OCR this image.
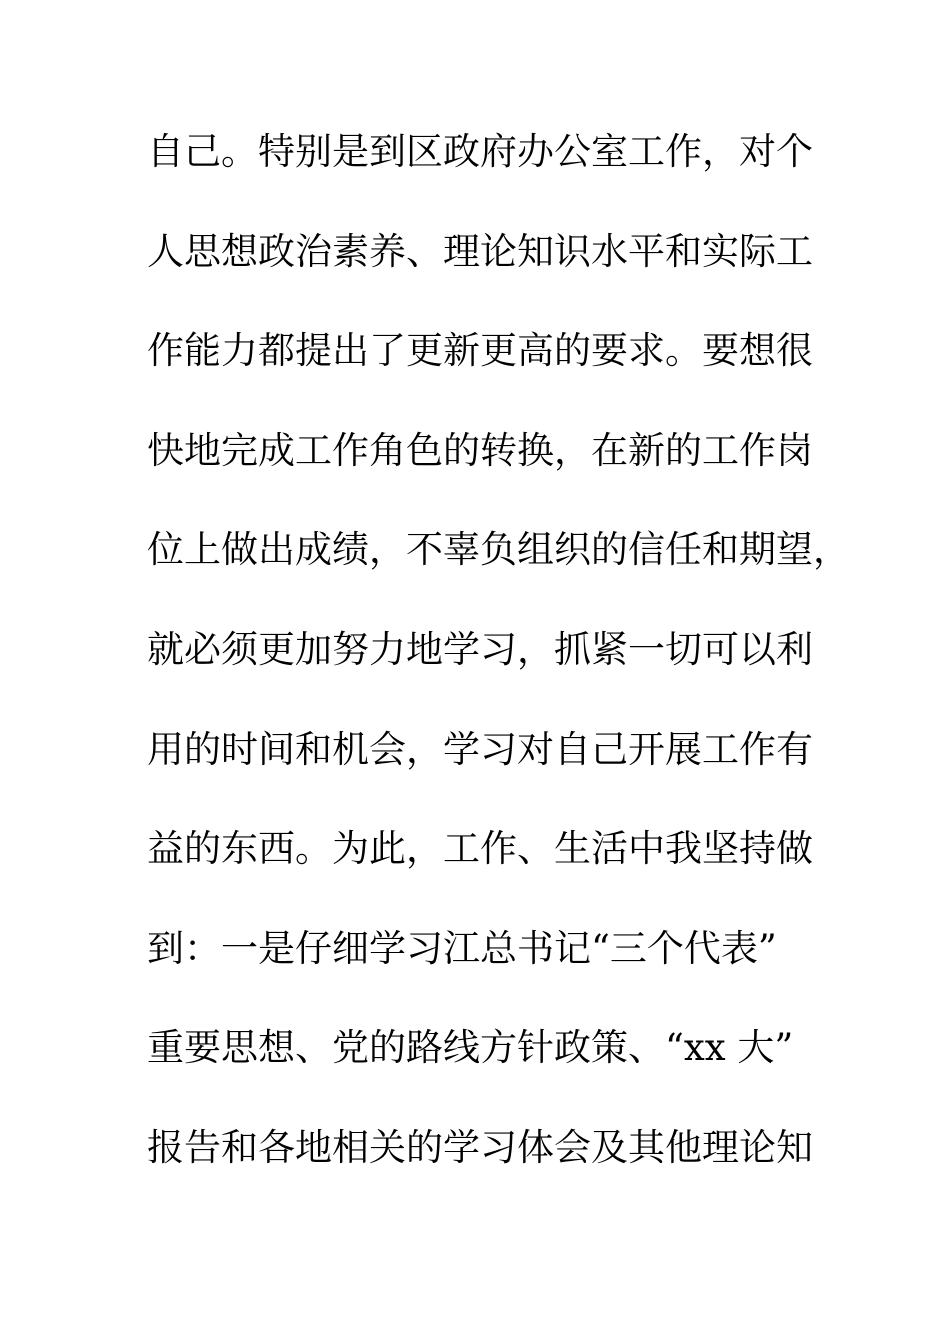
自己。特别是到区政府办公室工作，对个
人思想政治素养、理论知识水平和实际工
作能力都提出了更新更高的要求。要想很
快地完成工作角色的转换，在新的工作岗
位上做出成绩，不辜负组织的信任和期望，
就必须更加努力地学习，抓紧一切可以利
用的时间和机会，学习对自己开展工作有
益的东西。为此，工作、生活中我坚持做
到：一是仔细学习江总书记“三个代表”
重要思想、党的路线方针政策、“xx 大”
报告和各地相关的学习体会及其他理论知
